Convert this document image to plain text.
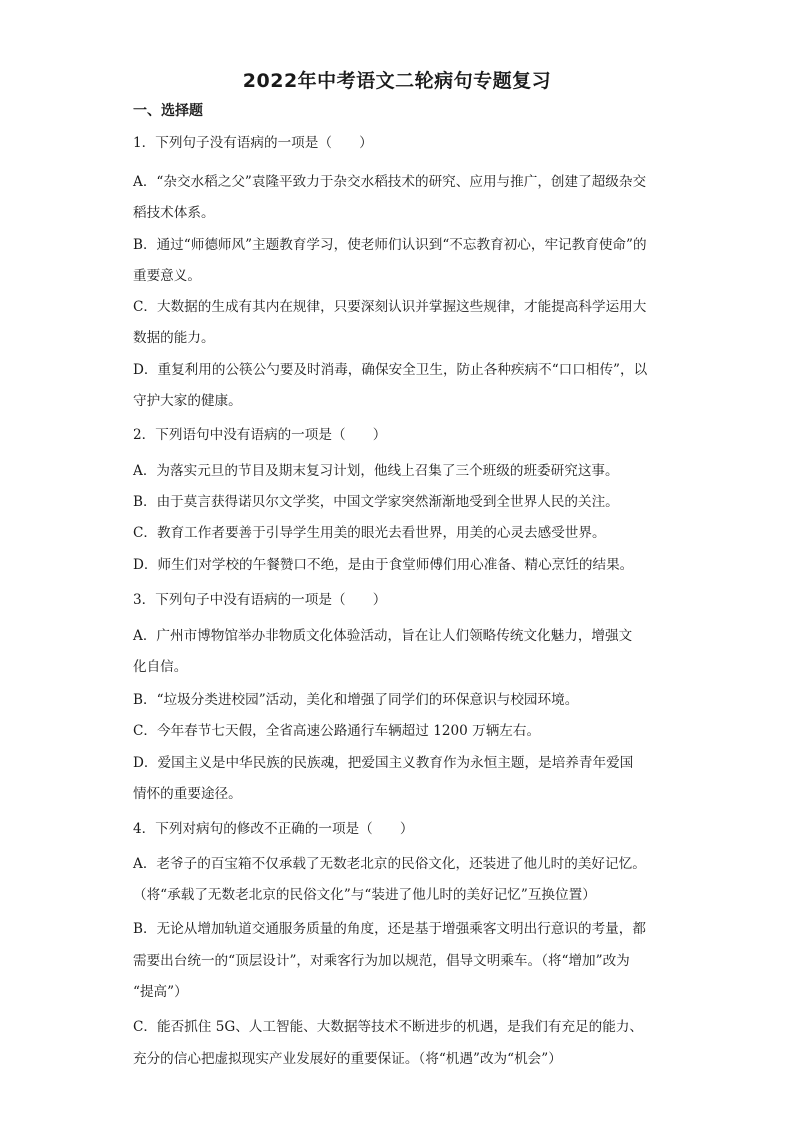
2022年中考语文二轮病句专题复习
一、选择题
1．下列句子没有语病的一项是（　　）
A．“杂交水稻之父”袁隆平致力于杂交水稻技术的研究、应用与推广，创建了超级杂交
稻技术体系。
B．通过“师德师风”主题教育学习，使老师们认识到“不忘教育初心，牢记教育使命”的
重要意义。
C．大数据的生成有其内在规律，只要深刻认识并掌握这些规律，才能提高科学运用大
数据的能力。
D．重复利用的公筷公勺要及时消毒，确保安全卫生，防止各种疾病不“口口相传”，以
守护大家的健康。
2．下列语句中没有语病的一项是（　　）
A．为落实元旦的节目及期末复习计划，他线上召集了三个班级的班委研究这事。
B．由于莫言获得诺贝尔文学奖，中国文学家突然渐渐地受到全世界人民的关注。
C．教育工作者要善于引导学生用美的眼光去看世界，用美的心灵去感受世界。
D．师生们对学校的午餐赞口不绝，是由于食堂师傅们用心准备、精心烹饪的结果。
3．下列句子中没有语病的一项是（　　）
A．广州市博物馆举办非物质文化体验活动，旨在让人们领略传统文化魅力，增强文
化自信。
B．“垃圾分类进校园”活动，美化和增强了同学们的环保意识与校园环境。
C．今年春节七天假，全省高速公路通行车辆超过 1200 万辆左右。
D．爱国主义是中华民族的民族魂，把爱国主义教育作为永恒主题，是培养青年爱国
情怀的重要途径。
4．下列对病句的修改不正确的一项是（　　）
A．老爷子的百宝箱不仅承载了无数老北京的民俗文化，还装进了他儿时的美好记忆。
（将“承载了无数老北京的民俗文化”与“装进了他儿时的美好记忆”互换位置）
B．无论从增加轨道交通服务质量的角度，还是基于增强乘客文明出行意识的考量，都
需要出台统一的“顶层设计”，对乘客行为加以规范，倡导文明乘车。（将“增加”改为
“提高”）
C．能否抓住 5G、人工智能、大数据等技术不断进步的机遇，是我们有充足的能力、
充分的信心把虚拟现实产业发展好的重要保证。（将“机遇”改为“机会”）
